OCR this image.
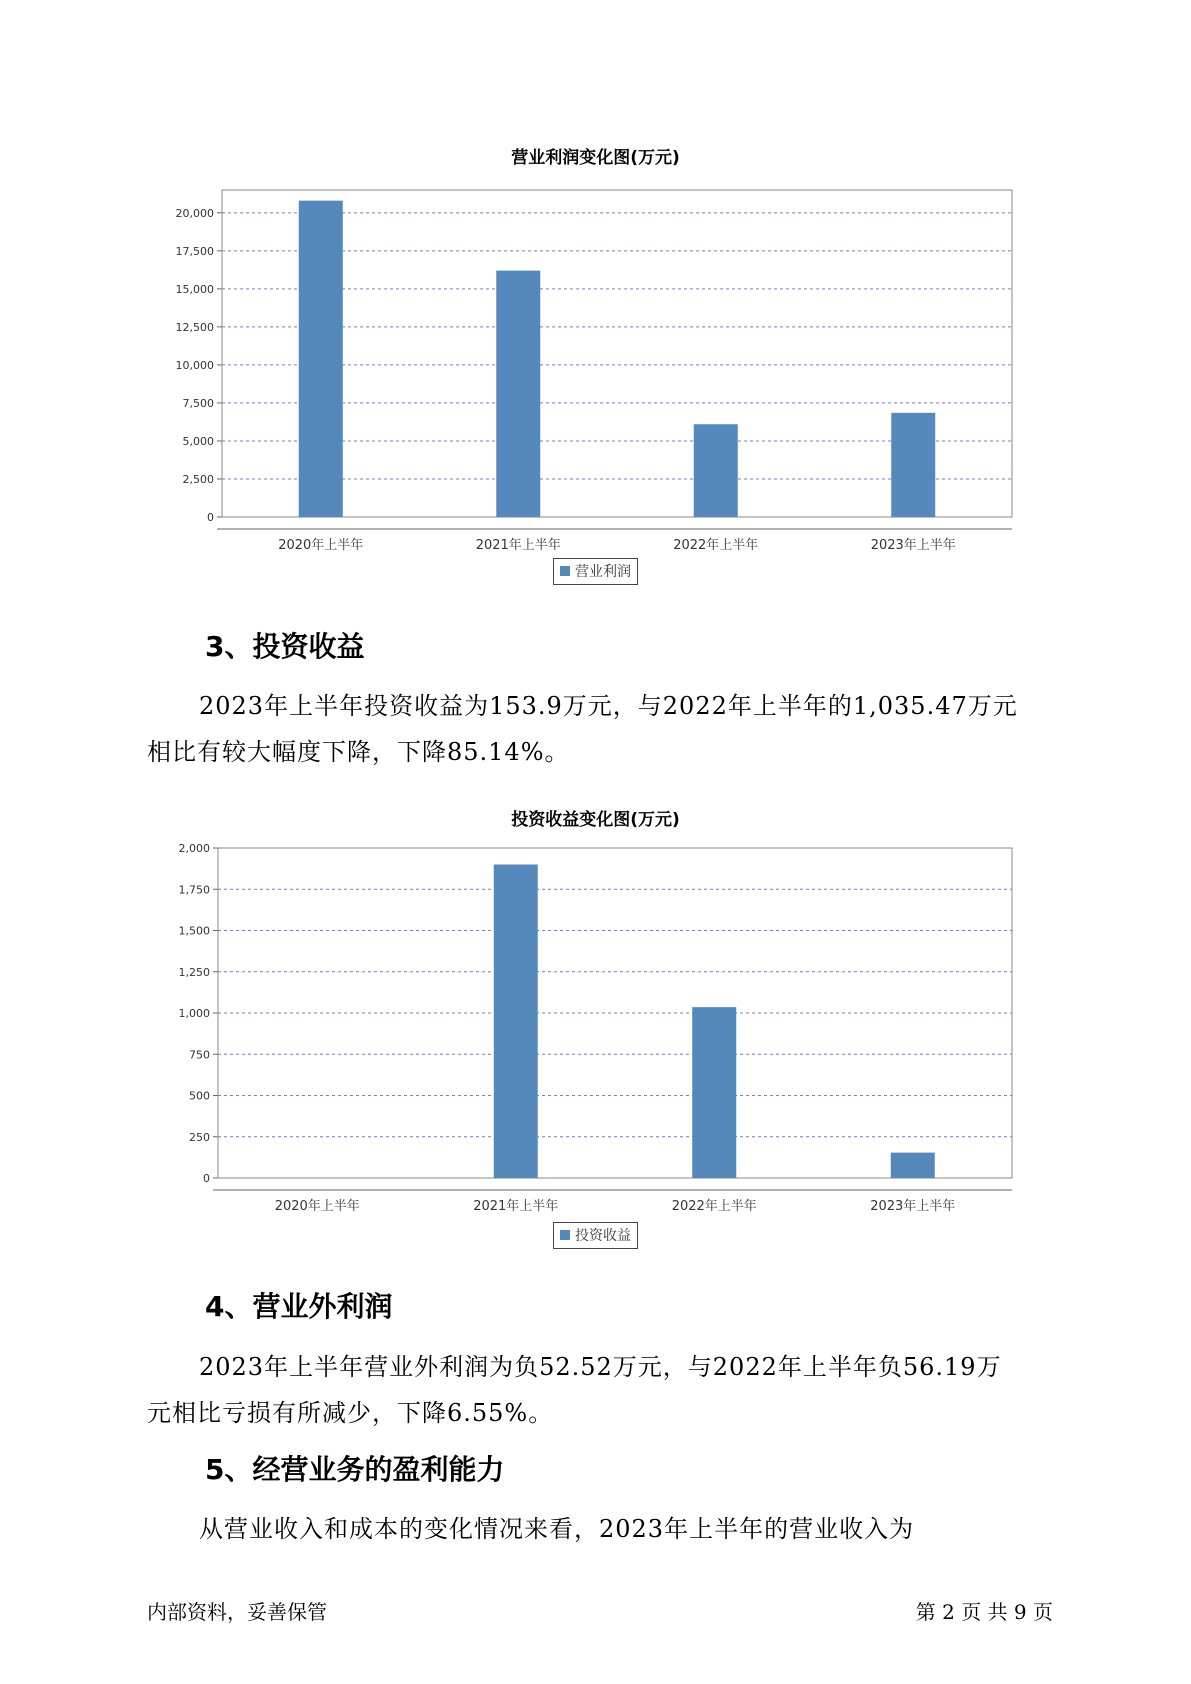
营业利润变化图(万元)
0
2,500
5,000
7,500
10,000
12,500
15,000
17,500
20,000
2020年上半年	2021年上半年	2022年上半年	2023年上半年
营业利润
3、投资收益
2023年上半年投资收益为153.9万元，与2022年上半年的1,035.47万元
相比有较大幅度下降，下降85.14%。
投资收益变化图(万元)
0
250
500
750
1,000
1,250
1,500
1,750
2,000
2020年上半年	2021年上半年	2022年上半年	2023年上半年
投资收益
4、营业外利润
2023年上半年营业外利润为负52.52万元，与2022年上半年负56.19万
元相比亏损有所减少，下降6.55%。
5、经营业务的盈利能力
从营业收入和成本的变化情况来看，2023年上半年的营业收入为
内部资料，妥善保管	第 2 页 共 9 页
